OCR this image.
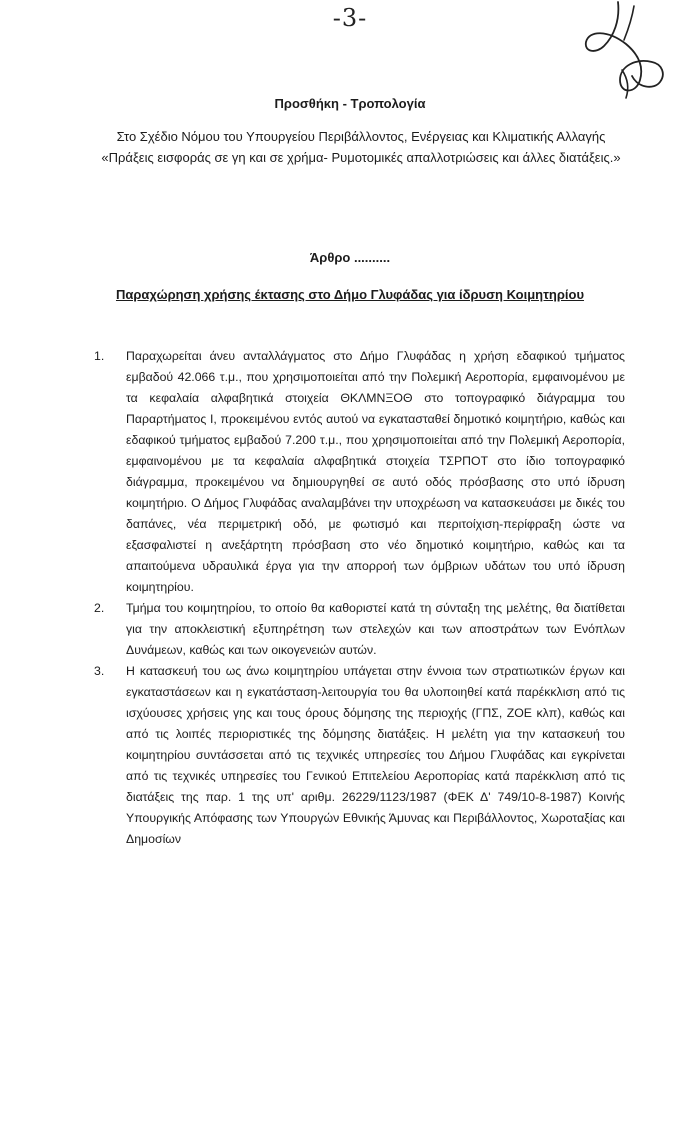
-3-
Προσθήκη - Τροπολογία
Στο Σχέδιο Νόμου του Υπουργείου Περιβάλλοντος, Ενέργειας και Κλιματικής Αλλαγής «Πράξεις εισφοράς σε γη και σε χρήμα- Ρυμοτομικές απαλλοτριώσεις και άλλες διατάξεις.»
Άρθρο ..........
Παραχώρηση χρήσης έκτασης στο Δήμο Γλυφάδας για ίδρυση Κοιμητηρίου
1.	Παραχωρείται άνευ ανταλλάγματος στο Δήμο Γλυφάδας η χρήση εδαφικού τμήματος εμβαδού 42.066 τ.μ., που χρησιμοποιείται από την Πολεμική Αεροπορία, εμφαινομένου με τα κεφαλαία αλφαβητικά στοιχεία ΘΚΛΜΝΞΟΘ στο τοπογραφικό διάγραμμα του Παραρτήματος Ι, προκειμένου εντός αυτού να εγκατασταθεί δημοτικό κοιμητήριο, καθώς και εδαφικού τμήματος εμβαδού 7.200 τ.μ., που χρησιμοποιείται από την Πολεμική Αεροπορία, εμφαινομένου με τα κεφαλαία αλφαβητικά στοιχεία ΤΣΡΠΟΤ στο ίδιο τοπογραφικό διάγραμμα, προκειμένου να δημιουργηθεί σε αυτό οδός πρόσβασης στο υπό ίδρυση κοιμητήριο. Ο Δήμος Γλυφάδας αναλαμβάνει την υποχρέωση να κατασκευάσει με δικές του δαπάνες, νέα περιμετρική οδό, με φωτισμό και περιτοίχιση-περίφραξη ώστε να εξασφαλιστεί η ανεξάρτητη πρόσβαση στο νέο δημοτικό κοιμητήριο, καθώς και τα απαιτούμενα υδραυλικά έργα για την απορροή των όμβριων υδάτων του υπό ίδρυση κοιμητηρίου.
2.	Τμήμα του κοιμητηρίου, το οποίο θα καθοριστεί κατά τη σύνταξη της μελέτης, θα διατίθεται για την αποκλειστική εξυπηρέτηση των στελεχών και των αποστράτων των Ενόπλων Δυνάμεων, καθώς και των οικογενειών αυτών.
3.	Η κατασκευή του ως άνω κοιμητηρίου υπάγεται στην έννοια των στρατιωτικών έργων και εγκαταστάσεων και η εγκατάσταση-λειτουργία του θα υλοποιηθεί κατά παρέκκλιση από τις ισχύουσες χρήσεις γης και τους όρους δόμησης της περιοχής (ΓΠΣ, ΖΟΕ κλπ), καθώς και από τις λοιπές περιοριστικές της δόμησης διατάξεις. Η μελέτη για την κατασκευή του κοιμητηρίου συντάσσεται από τις τεχνικές υπηρεσίες του Δήμου Γλυφάδας και εγκρίνεται από τις τεχνικές υπηρεσίες του Γενικού Επιτελείου Αεροπορίας κατά παρέκκλιση από τις διατάξεις της παρ. 1 της υπ' αριθμ. 26229/1123/1987 (ΦΕΚ Δ' 749/10-8-1987) Κοινής Υπουργικής Απόφασης των Υπουργών Εθνικής Άμυνας και Περιβάλλοντος, Χωροταξίας και Δημοσίων
